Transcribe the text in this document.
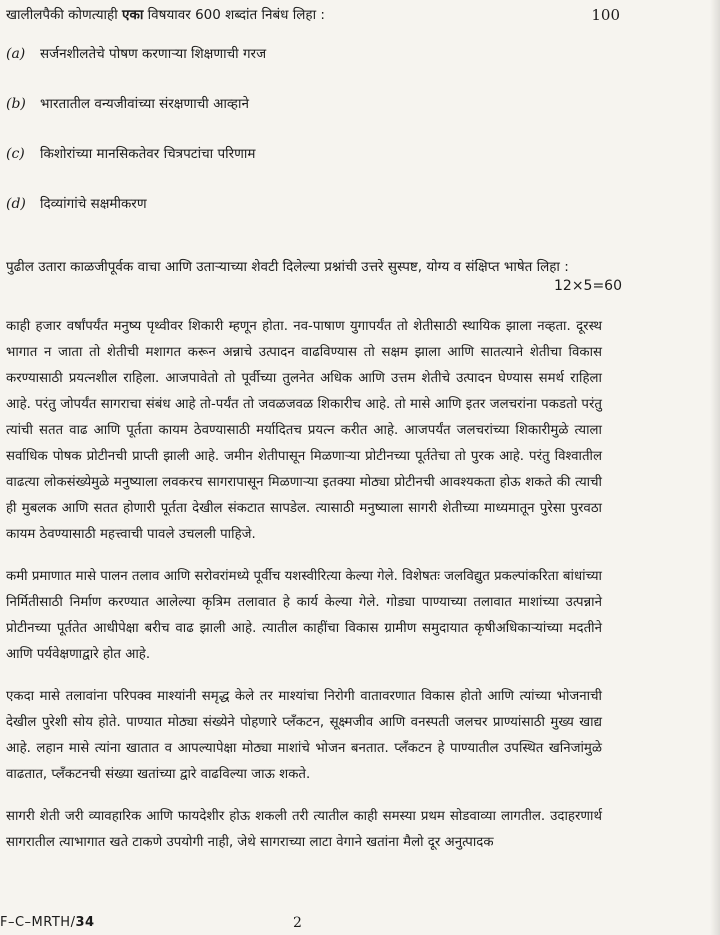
खालीलपैकी कोणत्याही एका विषयावर 600 शब्दांत निबंध लिहा :	100
(a)	सर्जनशीलतेचे पोषण करणाऱ्या शिक्षणाची गरज
(b)	भारतातील वन्यजीवांच्या संरक्षणाची आव्हाने
(c)	किशोरांच्या मानसिकतेवर चित्रपटांचा परिणाम
(d)	दिव्यांगांचे सक्षमीकरण
पुढील उतारा काळजीपूर्वक वाचा आणि उताऱ्याच्या शेवटी दिलेल्या प्रश्नांची उत्तरे सुस्पष्ट, योग्य व संक्षिप्त भाषेत लिहा :
12×5=60

काही हजार वर्षांपर्यंत मनुष्य पृथ्वीवर शिकारी म्हणून होता. नव-पाषाण युगापर्यंत तो शेतीसाठी स्थायिक झाला नव्हता. दूरस्थ भागात न जाता तो शेतीची मशागत करून अन्नाचे उत्पादन वाढविण्यास तो सक्षम झाला आणि सातत्याने शेतीचा विकास करण्यासाठी प्रयत्नशील राहिला. आजपावेतो तो पूर्वीच्या तुलनेत अधिक आणि उत्तम शेतीचे उत्पादन घेण्यास समर्थ राहिला आहे. परंतु जोपर्यंत सागराचा संबंध आहे तो-पर्यंत तो जवळजवळ शिकारीच आहे. तो मासे आणि इतर जलचरांना पकडतो परंतु त्यांची सतत वाढ आणि पूर्तता कायम ठेवण्यासाठी मर्यादितच प्रयत्न करीत आहे. आजपर्यंत जलचरांच्या शिकारीमुळे त्याला सर्वाधिक पोषक प्रोटीनची प्राप्ती झाली आहे. जमीन शेतीपासून मिळणाऱ्या प्रोटीनच्या पूर्ततेचा तो पुरक आहे. परंतु विश्वातील वाढत्या लोकसंख्येमुळे मनुष्याला लवकरच सागरापासून मिळणाऱ्या इतक्या मोठ्या प्रोटीनची आवश्यकता होऊ शकते की त्याची ही मुबलक आणि सतत होणारी पूर्तता देखील संकटात सापडेल. त्यासाठी मनुष्याला सागरी शेतीच्या माध्यमातून पुरेसा पुरवठा कायम ठेवण्यासाठी महत्त्वाची पावले उचलली पाहिजे.

कमी प्रमाणात मासे पालन तलाव आणि सरोवरांमध्ये पूर्वीच यशस्वीरित्या केल्या गेले. विशेषतः जलविद्युत प्रकल्पांकरिता बांधांच्या निर्मितीसाठी निर्माण करण्यात आलेल्या कृत्रिम तलावात हे कार्य केल्या गेले. गोड्या पाण्याच्या तलावात माशांच्या उत्पन्नाने प्रोटीनच्या पूर्ततेत आधीपेक्षा बरीच वाढ झाली आहे. त्यातील काहींचा विकास ग्रामीण समुदायात कृषीअधिकाऱ्यांच्या मदतीने आणि पर्यवेक्षणाद्वारे होत आहे.

एकदा मासे तलावांना परिपक्व माश्यांनी समृद्ध केले तर माश्यांचा निरोगी वातावरणात विकास होतो आणि त्यांच्या भोजनाची देखील पुरेशी सोय होते. पाण्यात मोठ्या संख्येने पोहणारे प्लँकटन, सूक्ष्मजीव आणि वनस्पती जलचर प्राण्यांसाठी मुख्य खाद्य आहे. लहान मासे त्यांना खातात व आपल्यापेक्षा मोठ्या माशांचे भोजन बनतात. प्लँकटन हे पाण्यातील उपस्थित खनिजांमुळे वाढतात, प्लँकटनची संख्या खतांच्या द्वारे वाढविल्या जाऊ शकते.

सागरी शेती जरी व्यावहारिक आणि फायदेशीर होऊ शकली तरी त्यातील काही समस्या प्रथम सोडवाव्या लागतील. उदाहरणार्थ सागरातील त्याभागात खते टाकणे उपयोगी नाही, जेथे सागराच्या लाटा वेगाने खतांना मैलो दूर अनुत्पादक

F–C–MRTH/34	2
